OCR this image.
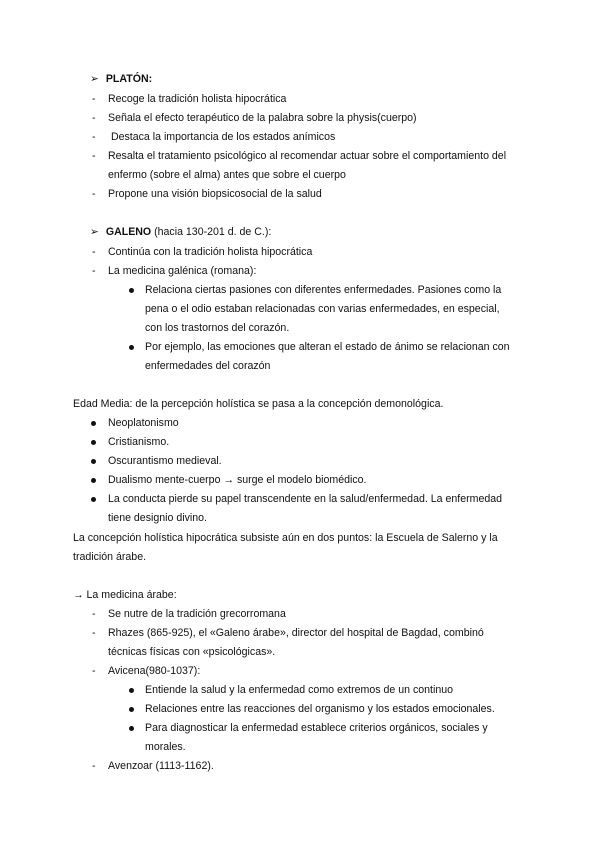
➢ PLATÓN:
- Recoge la tradición holista hipocrática
- Señala el efecto terapéutico de la palabra sobre la physis(cuerpo)
- Destaca la importancia de los estados anímicos
- Resalta el tratamiento psicológico al recomendar actuar sobre el comportamiento del
enfermo (sobre el alma) antes que sobre el cuerpo
- Propone una visión biopsicosocial de la salud
➢ GALENO (hacia 130-201 d. de C.):
- Continúa con la tradición holista hipocrática
- La medicina galénica (romana):
Relaciona ciertas pasiones con diferentes enfermedades. Pasiones como la
pena o el odio estaban relacionadas con varias enfermedades, en especial,
con los trastornos del corazón.
Por ejemplo, las emociones que alteran el estado de ánimo se relacionan con
enfermedades del corazón
Edad Media: de la percepción holística se pasa a la concepción demonológica.
Neoplatonismo
Cristianismo.
Oscurantismo medieval.
Dualismo mente-cuerpo → surge el modelo biomédico.
La conducta pierde su papel transcendente en la salud/enfermedad. La enfermedad
tiene designio divino.
La concepción holística hipocrática subsiste aún en dos puntos: la Escuela de Salerno y la
tradición árabe.
→ La medicina árabe:
- Se nutre de la tradición grecorromana
- Rhazes (865-925), el «Galeno árabe», director del hospital de Bagdad, combinó
técnicas físicas con «psicológicas».
- Avicena(980-1037):
Entiende la salud y la enfermedad como extremos de un continuo
Relaciones entre las reacciones del organismo y los estados emocionales.
Para diagnosticar la enfermedad establece criterios orgánicos, sociales y
morales.
- Avenzoar (1113-1162).
